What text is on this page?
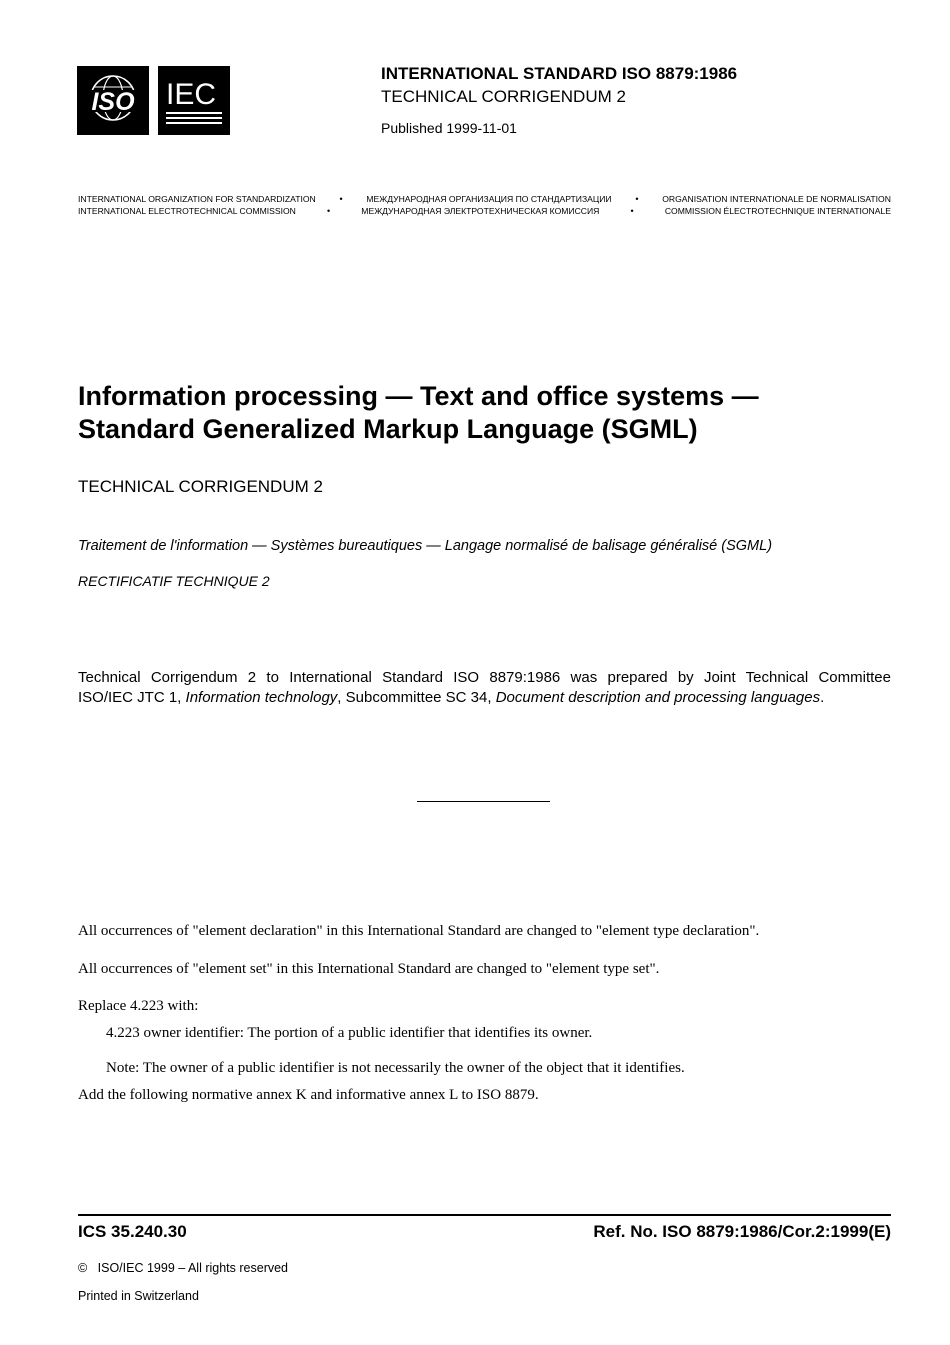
ISO IEC
INTERNATIONAL STANDARD ISO 8879:1986
TECHNICAL CORRIGENDUM 2
Published 1999-11-01
INTERNATIONAL ORGANIZATION FOR STANDARDIZATION	•	МЕЖДУНАРОДНАЯ ОРГАНИЗАЦИЯ ПО СТАНДАРТИЗАЦИИ	•	ORGANISATION INTERNATIONALE DE NORMALISATION
INTERNATIONAL ELECTROTECHNICAL COMMISSION	•	МЕЖДУНАРОДНАЯ ЭЛЕКТРОТЕХНИЧЕСКАЯ КОМИССИЯ	•	COMMISSION ÉLECTROTECHNIQUE INTERNATIONALE
Information processing — Text and office systems —
Standard Generalized Markup Language (SGML)
TECHNICAL CORRIGENDUM 2
Traitement de l'information — Systèmes bureautiques — Langage normalisé de balisage généralisé (SGML)
RECTIFICATIF TECHNIQUE 2
Technical Corrigendum 2 to International Standard ISO 8879:1986 was prepared by Joint Technical Committee
ISO/IEC JTC 1, Information technology, Subcommittee SC 34, Document description and processing languages.
All occurrences of "element declaration" in this International Standard are changed to "element type declaration".
All occurrences of "element set" in this International Standard are changed to "element type set".
Replace 4.223 with:
4.223 owner identifier: The portion of a public identifier that identifies its owner.
Note: The owner of a public identifier is not necessarily the owner of the object that it identifies.
Add the following normative annex K and informative annex L to ISO 8879.
ICS 35.240.30	Ref. No. ISO 8879:1986/Cor.2:1999(E)
© ISO/IEC 1999 – All rights reserved
Printed in Switzerland
